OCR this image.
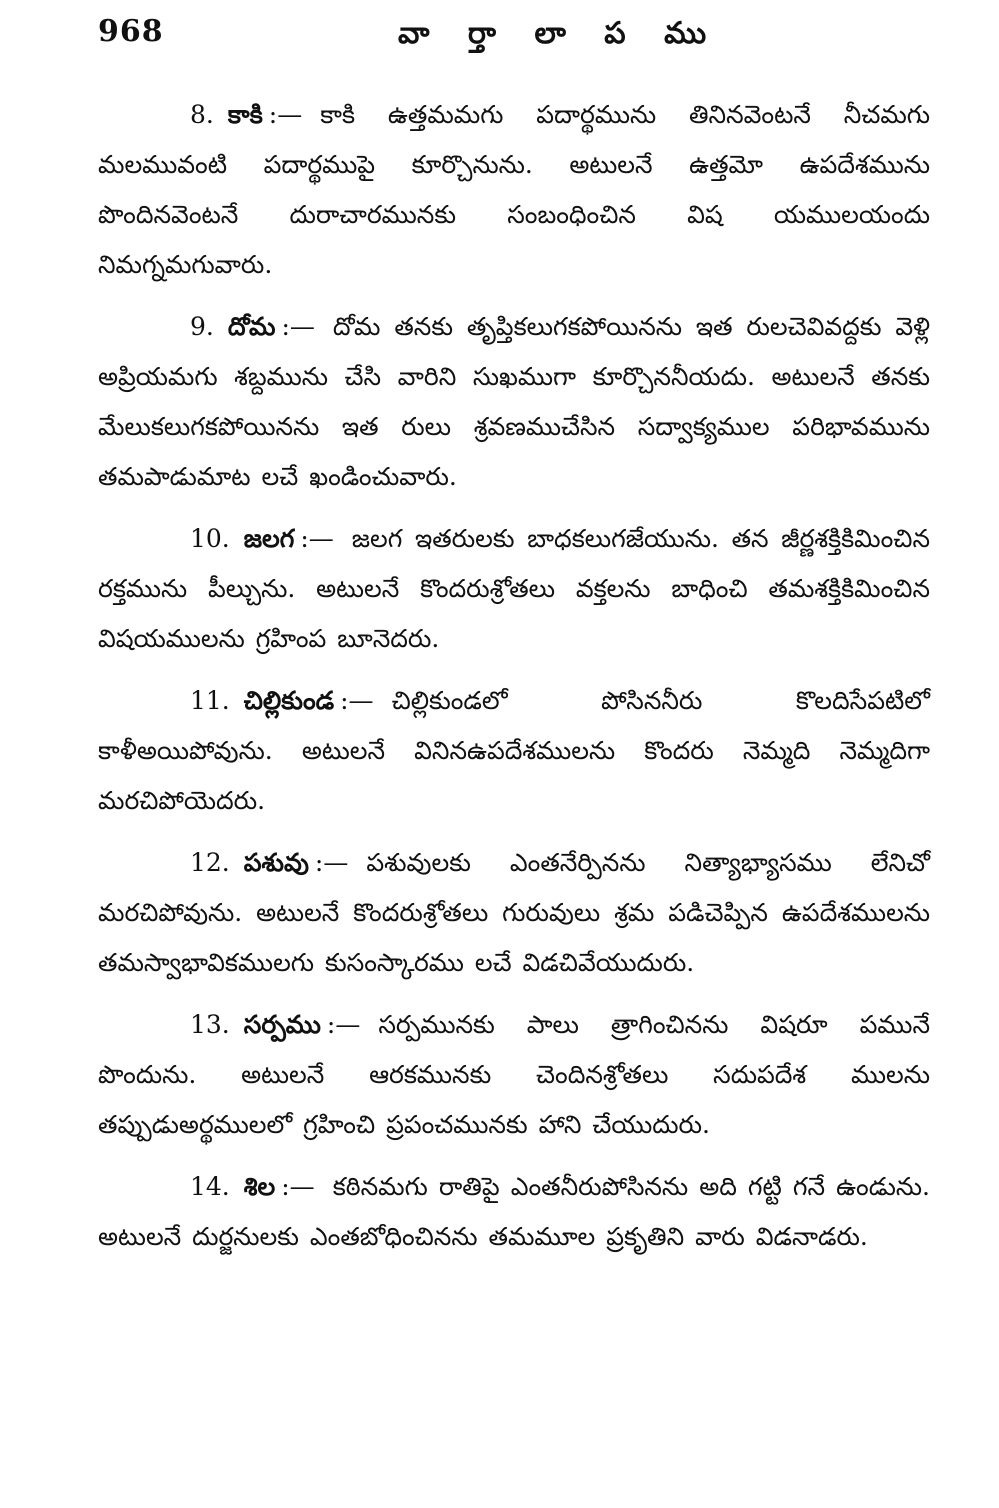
968	వా ర్తా లా ప ము

8. కాకి :— కాకి ఉత్తమమగు పదార్థమును తినినవెంటనే నీచమగు మలమువంటి పదార్థముపై కూర్చొనును. అటులనే ఉత్తమో ఉపదేశమును పొందినవెంటనే దురాచారమునకు సంబంధించిన విష యములయందు నిమగ్నమగువారు.

9. దోమ :— దోమ తనకు తృప్తికలుగకపోయినను ఇత రులచెవివద్దకు వెళ్లి అప్రియమగు శబ్దమును చేసి వారిని సుఖముగా కూర్చొననీయదు. అటులనే తనకు మేలుకలుగకపోయినను ఇత రులు శ్రవణముచేసిన సద్వాక్యముల పరిభావమును తమపాడుమాట లచే ఖండించువారు.

10. జలగ :— జలగ ఇతరులకు బాధకలుగజేయును. తన జీర్ణశక్తికిమించిన రక్తమును పీల్చును. అటులనే కొందరుశ్రోతలు వక్తలను బాధించి తమశక్తికిమించిన విషయములను గ్రహింప బూనెదరు.

11. చిల్లికుండ :— చిల్లికుండలో పోసిననీరు కొలదిసేపటిలో కాళీఅయిపోవును. అటులనే వినినఉపదేశములను కొందరు నెమ్మది నెమ్మదిగా మరచిపోయెదరు.

12. పశువు :— పశువులకు ఎంతనేర్పినను నిత్యాభ్యాసము లేనిచో మరచిపోవును. అటులనే కొందరుశ్రోతలు గురువులు శ్రమ పడిచెప్పిన ఉపదేశములను తమస్వాభావికములగు కుసంస్కారము లచే విడచివేయుదురు.

13. సర్పము :— సర్పమునకు పాలు త్రాగించినను విషరూ పమునే పొందును. అటులనే ఆరకమునకు చెందినశ్రోతలు సదుపదేశ ములను తప్పుడుఅర్థములలో గ్రహించి ప్రపంచమునకు హాని చేయుదురు.

14. శిల :— కఠినమగు రాతిపై ఎంతనీరుపోసినను అది గట్టి గనే ఉండును. అటులనే దుర్జనులకు ఎంతబోధించినను తమమూల ప్రకృతిని వారు విడనాడరు.
